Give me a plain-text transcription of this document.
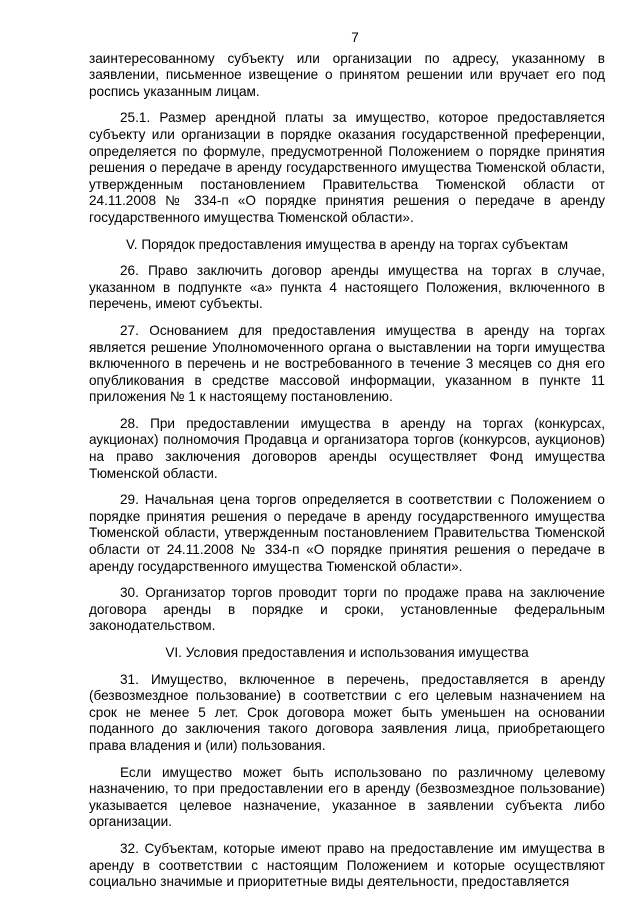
7

заинтересованному субъекту или организации по адресу, указанному в заявлении, письменное извещение о принятом решении или вручает его под роспись указанным лицам.

25.1. Размер арендной платы за имущество, которое предоставляется субъекту или организации в порядке оказания государственной преференции, определяется по формуле, предусмотренной Положением о порядке принятия решения о передаче в аренду государственного имущества Тюменской области, утвержденным постановлением Правительства Тюменской области от 24.11.2008 № 334-п «О порядке принятия решения о передаче в аренду государственного имущества Тюменской области».

V. Порядок предоставления имущества в аренду на торгах субъектам

26. Право заключить договор аренды имущества на торгах в случае, указанном в подпункте «а» пункта 4 настоящего Положения, включенного в перечень, имеют субъекты.

27. Основанием для предоставления имущества в аренду на торгах является решение Уполномоченного органа о выставлении на торги имущества включенного в перечень и не востребованного в течение 3 месяцев со дня его опубликования в средстве массовой информации, указанном в пункте 11 приложения № 1 к настоящему постановлению.

28. При предоставлении имущества в аренду на торгах (конкурсах, аукционах) полномочия Продавца и организатора торгов (конкурсов, аукционов) на право заключения договоров аренды осуществляет Фонд имущества Тюменской области.

29. Начальная цена торгов определяется в соответствии с Положением о порядке принятия решения о передаче в аренду государственного имущества Тюменской области, утвержденным постановлением Правительства Тюменской области от 24.11.2008 № 334-п «О порядке принятия решения о передаче в аренду государственного имущества Тюменской области».

30. Организатор торгов проводит торги по продаже права на заключение договора аренды в порядке и сроки, установленные федеральным законодательством.

VI. Условия предоставления и использования имущества

31. Имущество, включенное в перечень, предоставляется в аренду (безвозмездное пользование) в соответствии с его целевым назначением на срок не менее 5 лет. Срок договора может быть уменьшен на основании поданного до заключения такого договора заявления лица, приобретающего права владения и (или) пользования.

Если имущество может быть использовано по различному целевому назначению, то при предоставлении его в аренду (безвозмездное пользование) указывается целевое назначение, указанное в заявлении субъекта либо организации.

32. Субъектам, которые имеют право на предоставление им имущества в аренду в соответствии с настоящим Положением и которые осуществляют социально значимые и приоритетные виды деятельности, предоставляется
